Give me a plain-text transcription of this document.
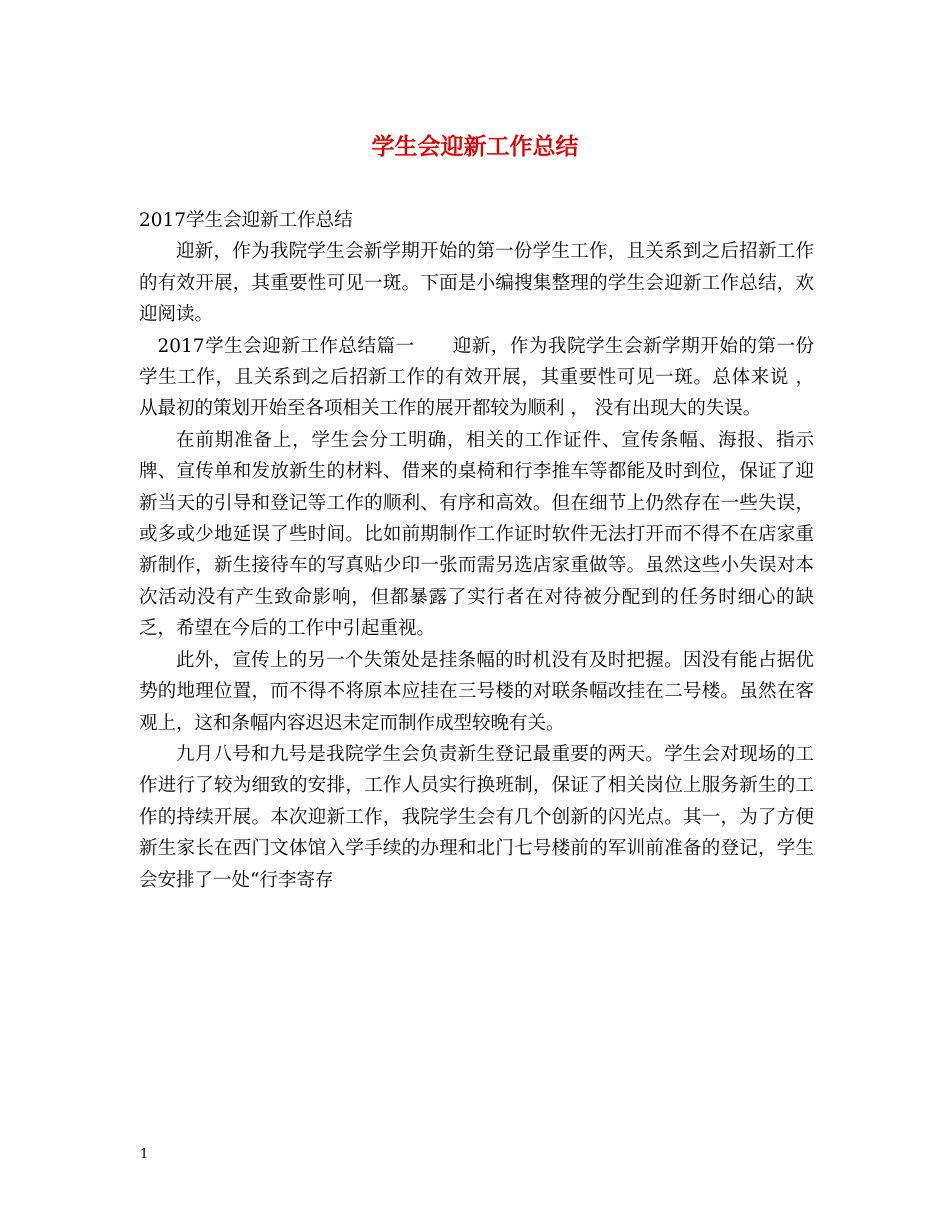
学生会迎新工作总结

2017学生会迎新工作总结

迎新，作为我院学生会新学期开始的第一份学生工作，且关系到之后招新工作的有效开展，其重要性可见一斑。下面是小编搜集整理的学生会迎新工作总结，欢迎阅读。

2017学生会迎新工作总结篇一　　迎新，作为我院学生会新学期开始的第一份学生工作，且关系到之后招新工作的有效开展，其重要性可见一斑。总体来说 ， 从最初的策划开始至各项相关工作的展开都较为顺利 ， 没有出现大的失误。

在前期准备上，学生会分工明确，相关的工作证件、宣传条幅、海报、指示牌、宣传单和发放新生的材料、借来的桌椅和行李推车等都能及时到位，保证了迎新当天的引导和登记等工作的顺利、有序和高效。但在细节上仍然存在一些失误，或多或少地延误了些时间。比如前期制作工作证时软件无法打开而不得不在店家重新制作，新生接待车的写真贴少印一张而需另选店家重做等。虽然这些小失误对本次活动没有产生致命影响，但都暴露了实行者在对待被分配到的任务时细心的缺乏，希望在今后的工作中引起重视。

此外，宣传上的另一个失策处是挂条幅的时机没有及时把握。因没有能占据优势的地理位置，而不得不将原本应挂在三号楼的对联条幅改挂在二号楼。虽然在客观上，这和条幅内容迟迟未定而制作成型较晚有关。

九月八号和九号是我院学生会负责新生登记最重要的两天。学生会对现场的工作进行了较为细致的安排，工作人员实行换班制，保证了相关岗位上服务新生的工作的持续开展。本次迎新工作，我院学生会有几个创新的闪光点。其一，为了方便新生家长在西门文体馆入学手续的办理和北门七号楼前的军训前准备的登记，学生会安排了一处“行李寄存

1
